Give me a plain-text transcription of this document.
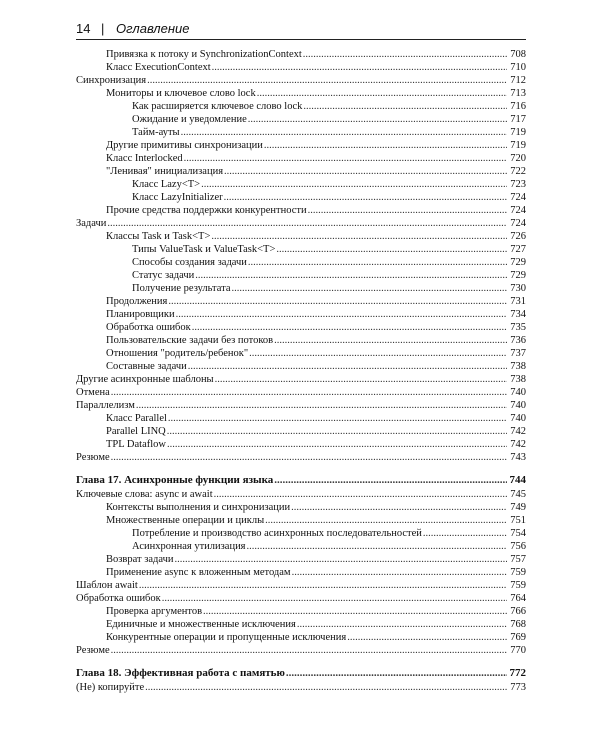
14 | Оглавление
Привязка к потоку и SynchronizationContext .....	708
Класс ExecutionContext .....	710
Синхронизация .....	712
Мониторы и ключевое слово lock .....	713
Как расширяется ключевое слово lock .....	716
Ожидание и уведомление .....	717
Тайм-ауты .....	719
Другие примитивы синхронизации .....	719
Класс Interlocked .....	720
"Ленивая" инициализация .....	722
Класс Lazy<T> .....	723
Класс LazyInitializer .....	724
Прочие средства поддержки конкурентности .....	724
Задачи .....	724
Классы Task и Task<T> .....	726
Типы ValueTask и ValueTask<T> .....	727
Способы создания задачи .....	729
Статус задачи .....	729
Получение результата .....	730
Продолжения .....	731
Планировщики .....	734
Обработка ошибок .....	735
Пользовательские задачи без потоков .....	736
Отношения "родитель/ребенок" .....	737
Составные задачи .....	738
Другие асинхронные шаблоны .....	738
Отмена .....	740
Параллелизм .....	740
Класс Parallel .....	740
Parallel LINQ .....	742
TPL Dataflow .....	742
Резюме .....	743
Глава 17. Асинхронные функции языка .....	744
Ключевые слова: async и await .....	745
Контексты выполнения и синхронизации .....	749
Множественные операции и циклы .....	751
Потребление и производство асинхронных последовательностей .....	754
Асинхронная утилизация .....	756
Возврат задачи .....	757
Применение async к вложенным методам .....	759
Шаблон await .....	759
Обработка ошибок .....	764
Проверка аргументов .....	766
Единичные и множественные исключения .....	768
Конкурентные операции и пропущенные исключения .....	769
Резюме .....	770
Глава 18. Эффективная работа с памятью .....	772
(Не) копируйте .....	773
